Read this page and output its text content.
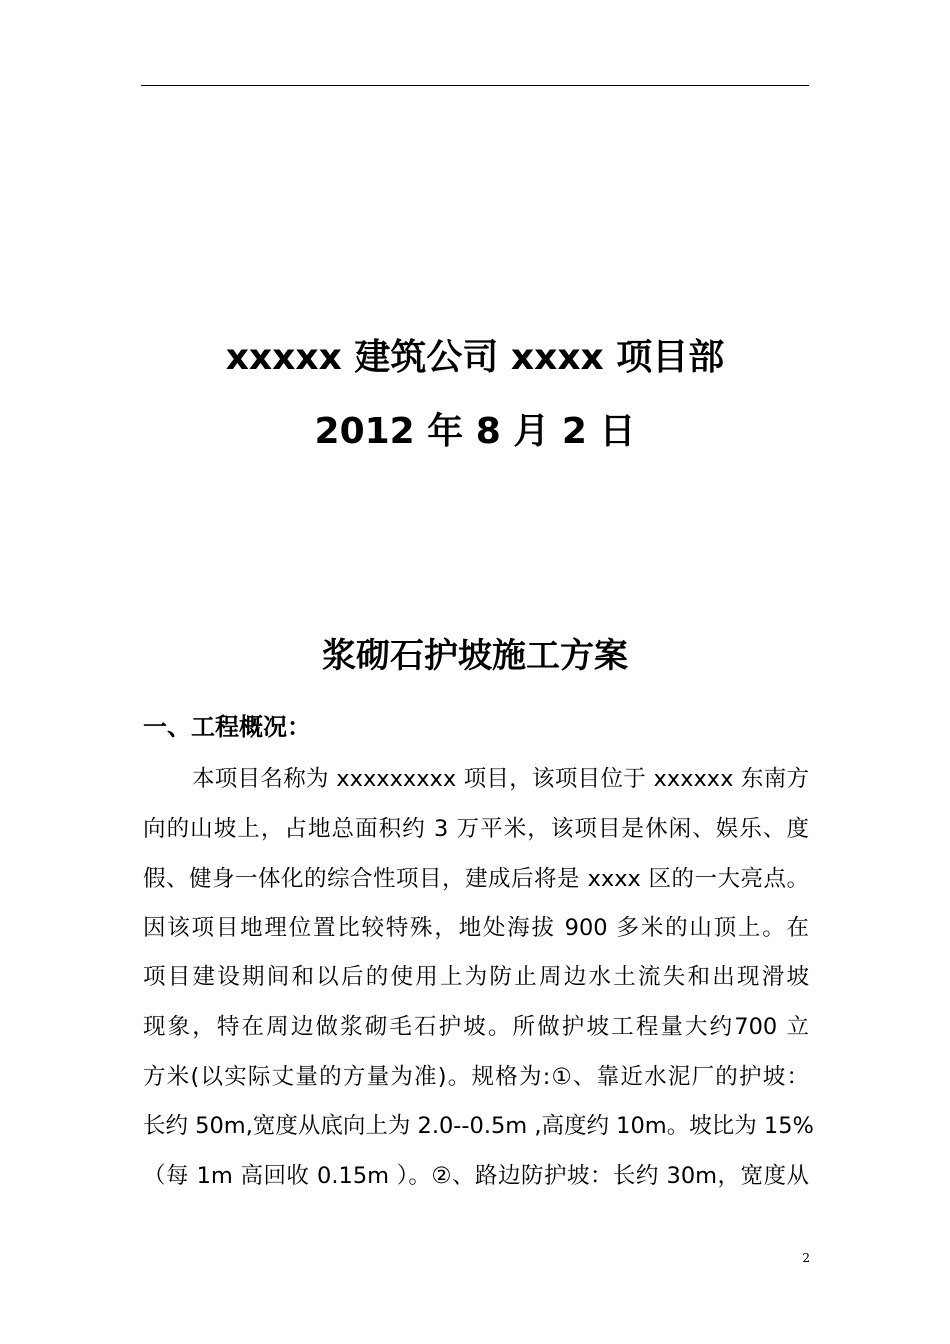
xxxxx 建筑公司 xxxx 项目部
2012 年 8 月 2 日
浆砌石护坡施工方案
一、工程概况：
本项目名称为 xxxxxxxxx 项目，该项目位于 xxxxxx 东南方
向的山坡上，占地总面积约 3 万平米，该项目是休闲、娱乐、度
假、健身一体化的综合性项目，建成后将是 xxxx 区的一大亮点。
因该项目地理位置比较特殊，地处海拔 900 多米的山顶上。在
项目建设期间和以后的使用上为防止周边水土流失和出现滑坡
现象，特在周边做浆砌毛石护坡。所做护坡工程量大约700 立
方米(以实际丈量的方量为准)。规格为:①、靠近水泥厂的护坡：
长约 50m,宽度从底向上为 2.0--0.5m ,高度约 10m。坡比为 15%
（每 1m 高回收 0.15m ）。②、路边防护坡：长约 30m，宽度从
2
